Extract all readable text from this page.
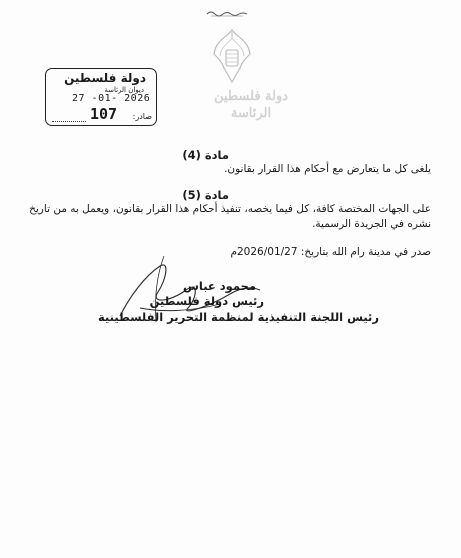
دولة فلسطين
الرئاسة
دولة فلسطين
ديوان الرئاسة
27 -01- 2026
107 صادر:
مادة (4)
يلغى كل ما يتعارض مع أحكام هذا القرار بقانون.
مادة (5)
على الجهات المختصة كافة، كل فيما يخصه، تنفيذ أحكام هذا القرار بقانون، ويعمل به من تاريخ نشره في الجريدة الرسمية.
صدر في مدينة رام الله بتاريخ: 2026/01/27م
محمود عباس
رئيس دولة فلسطين
رئيس اللجنة التنفيذية لمنظمة التحرير الفلسطينية
